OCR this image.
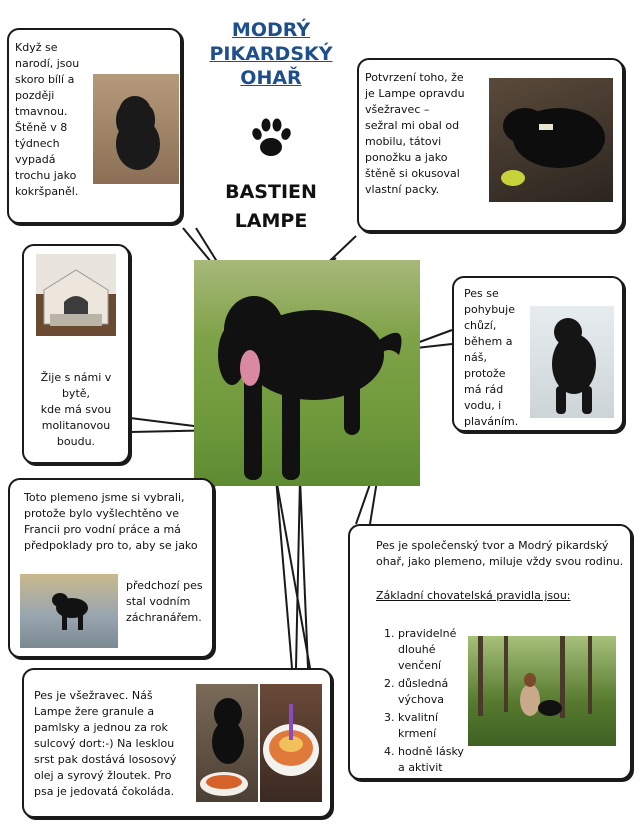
MODRÝ
PIKARDSKÝ
OHAŘ
BASTIEN
LAMPE
Když se
narodí, jsou
skoro bílí a
později
tmavnou.
Štěně v 8
týdnech
vypadá
trochu jako
kokršpaněl.
Potvrzení toho, že
je Lampe opravdu
všežravec –
sežral mi obal od
mobilu, tátovi
ponožku a jako
štěně si okusoval
vlastní packy.
Žije s námi v
bytě,
kde má svou
molitanovou
boudu.
Pes se
pohybuje
chůzí,
během a
náš,
protože
má rád
vodu, i
plaváním.
Toto plemeno jsme si vybrali,
protože bylo vyšlechtěno ve
Francii pro vodní práce a má
předpoklady pro to, aby se jako
předchozí pes
stal vodním
záchranářem.
Pes je společenský tvor a Modrý pikardský
ohař, jako plemeno, miluje vždy svou rodinu.
Základní chovatelská pravidla jsou:
1. pravidelné
dlouhé
venčení
2. důsledná
výchova
3. kvalitní
krmení
4. hodně lásky
a aktivit
Pes je všežravec. Náš
Lampe žere granule a
pamlsky a jednou za rok
sulcový dort:-) Na lesklou
srst pak dostává lososový
olej a syrový žloutek. Pro
psa je jedovatá čokoláda.
